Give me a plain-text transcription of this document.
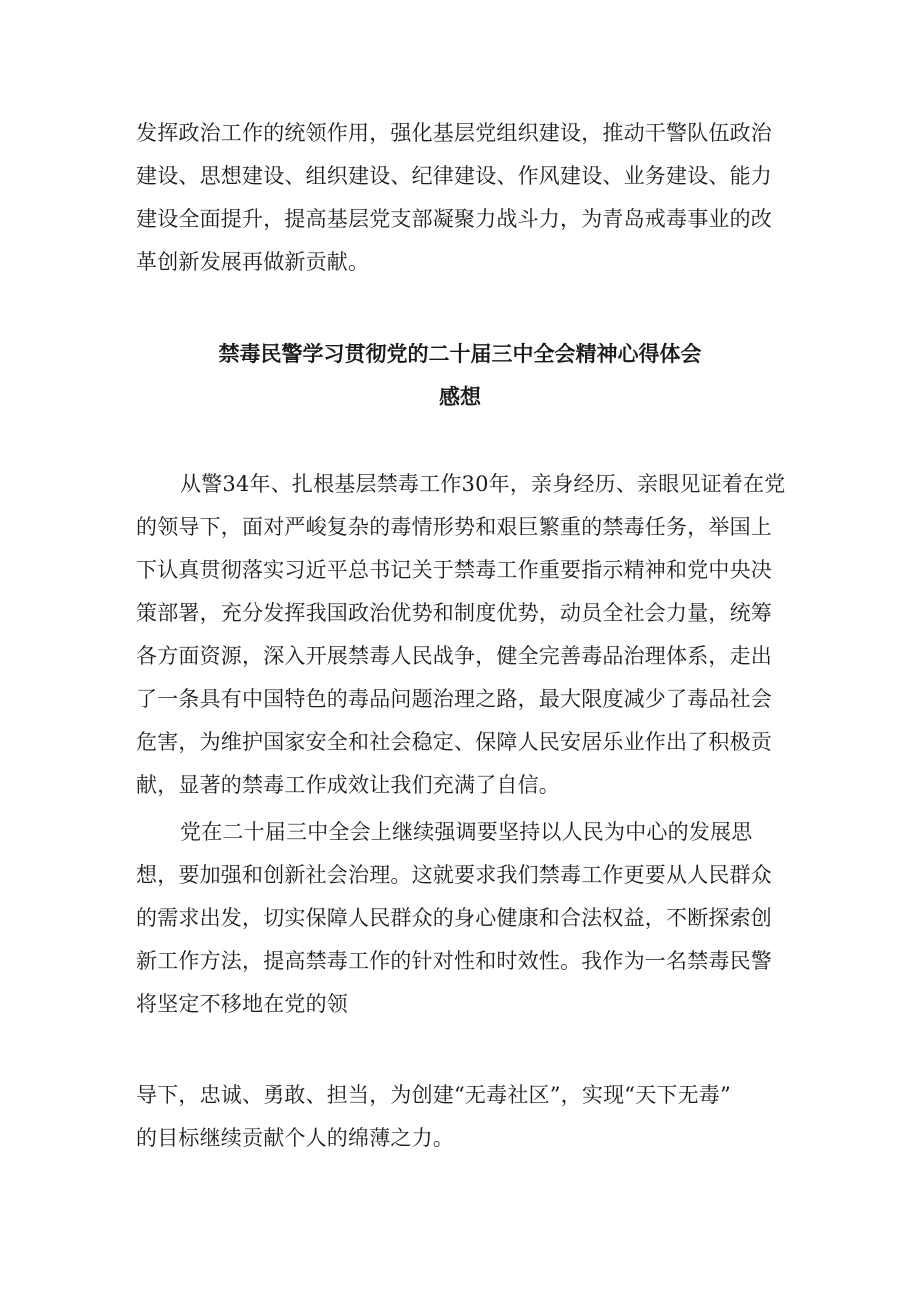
发挥政治工作的统领作用，强化基层党组织建设，推动干警队伍政治
建设、思想建设、组织建设、纪律建设、作风建设、业务建设、能力
建设全面提升，提高基层党支部凝聚力战斗力，为青岛戒毒事业的改
革创新发展再做新贡献。
禁毒民警学习贯彻党的二十届三中全会精神心得体会
感想
从警34年、扎根基层禁毒工作30年，亲身经历、亲眼见证着在党
的领导下，面对严峻复杂的毒情形势和艰巨繁重的禁毒任务，举国上
下认真贯彻落实习近平总书记关于禁毒工作重要指示精神和党中央决
策部署，充分发挥我国政治优势和制度优势，动员全社会力量，统筹
各方面资源，深入开展禁毒人民战争，健全完善毒品治理体系，走出
了一条具有中国特色的毒品问题治理之路，最大限度减少了毒品社会
危害，为维护国家安全和社会稳定、保障人民安居乐业作出了积极贡
献，显著的禁毒工作成效让我们充满了自信。
党在二十届三中全会上继续强调要坚持以人民为中心的发展思
想，要加强和创新社会治理。这就要求我们禁毒工作更要从人民群众
的需求出发，切实保障人民群众的身心健康和合法权益，不断探索创
新工作方法，提高禁毒工作的针对性和时效性。我作为一名禁毒民警
将坚定不移地在党的领
导下，忠诚、勇敢、担当，为创建“无毒社区”，实现“天下无毒”
的目标继续贡献个人的绵薄之力。
